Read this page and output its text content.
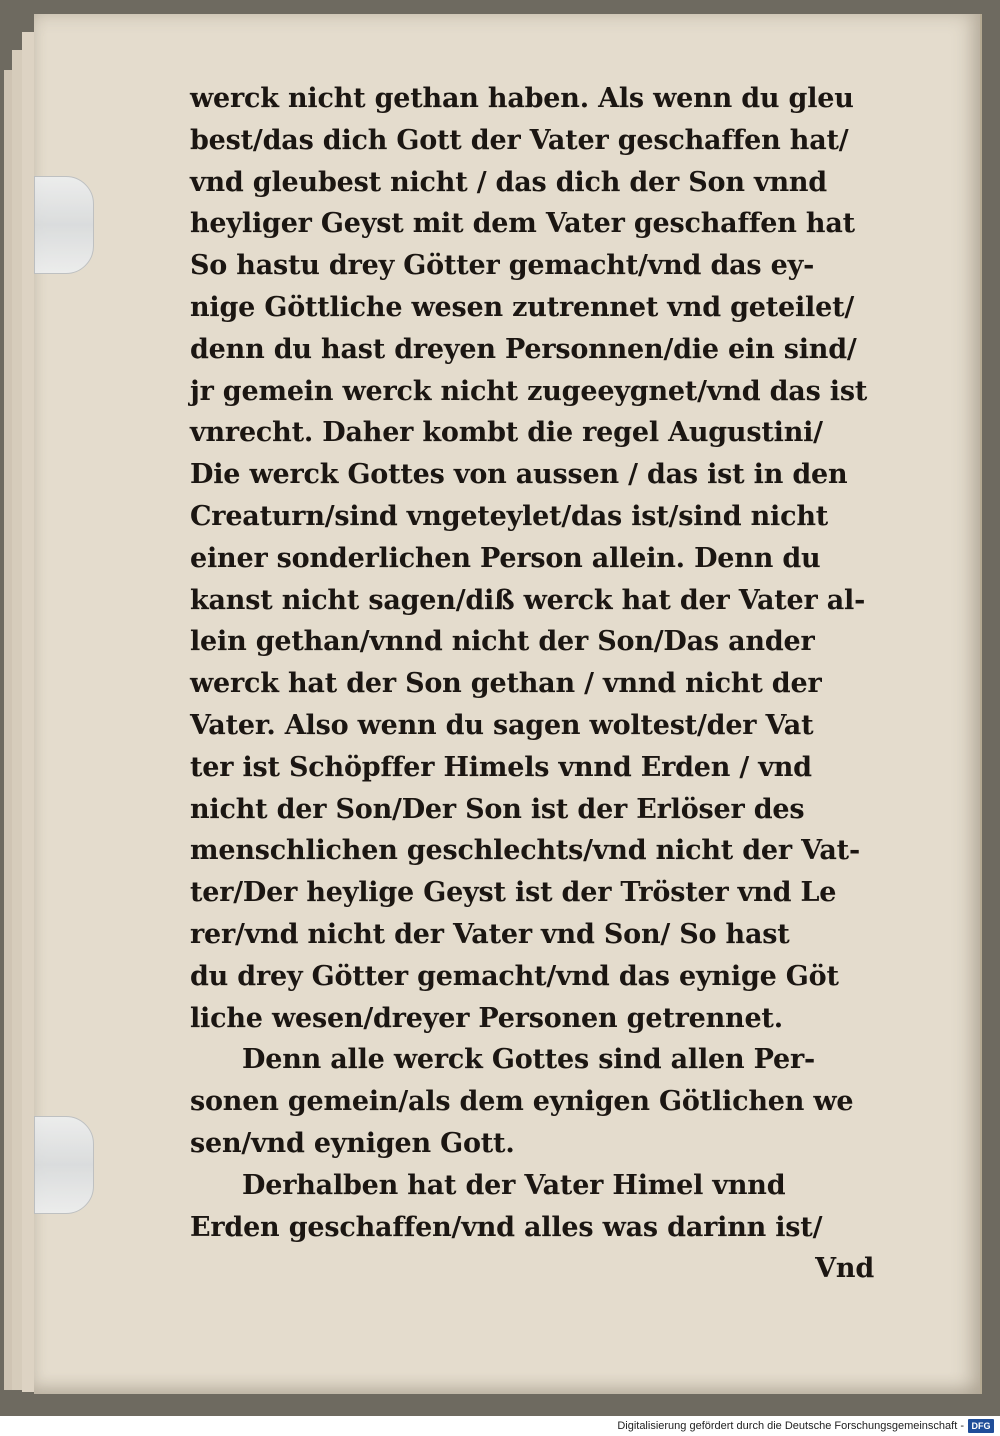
werck nicht gethan haben. Als wenn du gleu
best/das dich Gott der Vater geschaffen hat/
vnd gleubest nicht / das dich der Son vnnd
heyliger Geyst mit dem Vater geschaffen hat
So hastu drey Götter gemacht/vnd das ey-
nige Göttliche wesen zutrennet vnd geteilet/
denn du hast dreyen Personnen/die ein sind/
jr gemein werck nicht zugeeygnet/vnd das ist
vnrecht. Daher kombt die regel Augustini/
Die werck Gottes von aussen / das ist in den
Creaturn/sind vngeteylet/das ist/sind nicht
einer sonderlichen Person allein. Denn du
kanst nicht sagen/diß werck hat der Vater al-
lein gethan/vnnd nicht der Son/Das ander
werck hat der Son gethan / vnnd nicht der
Vater. Also wenn du sagen woltest/der Vat
ter ist Schöpffer Himels vnnd Erden / vnd
nicht der Son/Der Son ist der Erlöser des
menschlichen geschlechts/vnd nicht der Vat-
ter/Der heylige Geyst ist der Tröster vnd Le
rer/vnd nicht der Vater vnd Son/ So hast
du drey Götter gemacht/vnd das eynige Göt
liche wesen/dreyer Personen getrennet.
Denn alle werck Gottes sind allen Per-
sonen gemein/als dem eynigen Götlichen we
sen/vnd eynigen Gott.
Derhalben hat der Vater Himel vnnd
Erden geschaffen/vnd alles was darinn ist/
Vnd
Digitalisierung gefördert durch die Deutsche Forschungsgemeinschaft - DFG
